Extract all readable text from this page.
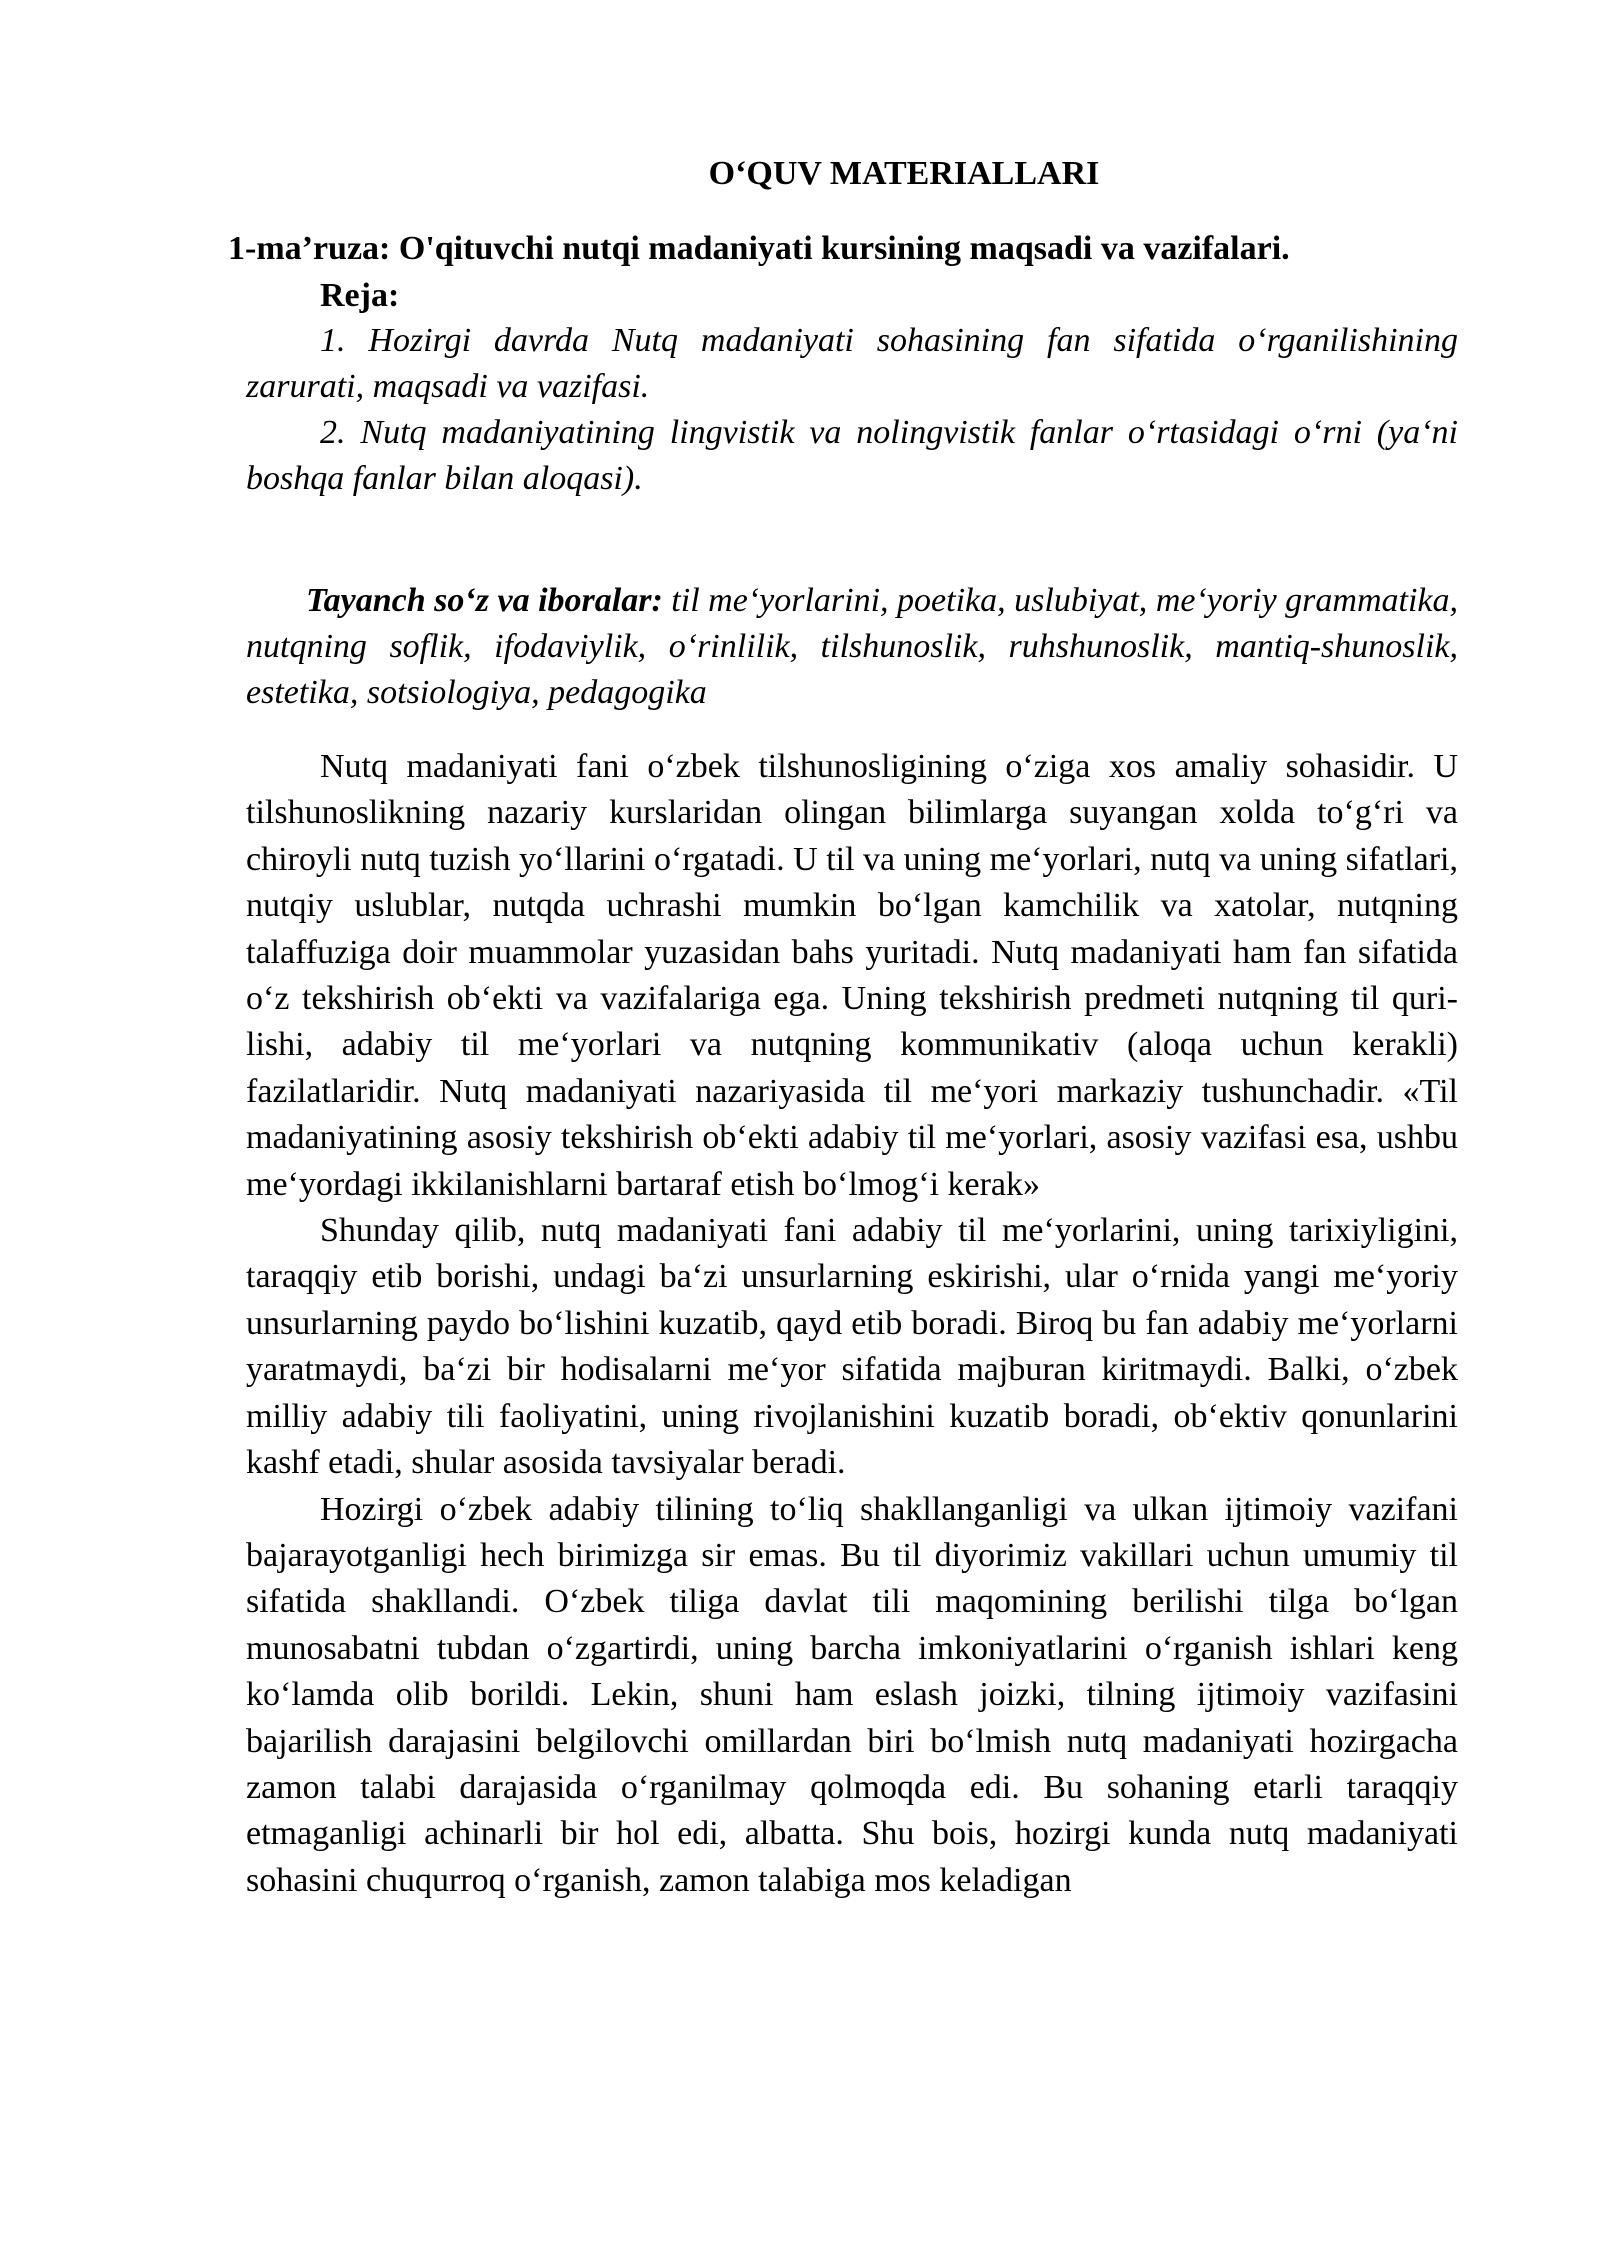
O‘QUV MATERIALLARI
1-ma’ruza: O'qituvchi nutqi madaniyati kursining maqsadi va vazifalari.
Reja:

1. Hozirgi davrda Nutq madaniyati sohasining fan sifatida o‘rganilishining zarurati, maqsadi va vazifasi.

2. Nutq madaniyatining lingvistik va nolingvistik fanlar o‘rtasidagi o‘rni (ya‘ni boshqa fanlar bilan aloqasi).

Tayanch so‘z va iboralar: til me‘yorlarini, poetika, uslubiyat, me‘yoriy grammatika, nutqning soflik, ifodaviylik, o‘rinlilik, tilshunoslik, ruhshunoslik, mantiq-shunoslik, estetika, sotsiologiya, pedagogika

Nutq madaniyati fani o‘zbek tilshunosligining o‘ziga xos amaliy sohasidir. U tilshunoslikning nazariy kurslaridan olingan bilimlarga suyangan xolda to‘g‘ri va chiroyli nutq tuzish yo‘llarini o‘rgatadi. U til va uning me‘yorlari, nutq va uning sifatlari, nutqiy uslublar, nutqda uchrashi mumkin bo‘lgan kamchilik va xatolar, nutqning talaffuziga doir muammolar yuzasidan bahs yuritadi. Nutq madaniyati ham fan sifatida o‘z tekshirish ob‘ekti va vazifalariga ega. Uning tekshirish predmeti nutqning til quri-lishi, adabiy til me‘yorlari va nutqning kommunikativ (aloqa uchun kerakli) fazilatlaridir. Nutq madaniyati nazariyasida til me‘yori markaziy tushunchadir. «Til madaniyatining asosiy tekshirish ob‘ekti adabiy til me‘yorlari, asosiy vazifasi esa, ushbu me‘yordagi ikkilanishlarni bartaraf etish bo‘lmog‘i kerak»

Shunday qilib, nutq madaniyati fani adabiy til me‘yorlarini, uning tarixiyligini, taraqqiy etib borishi, undagi ba‘zi unsurlarning eskirishi, ular o‘rnida yangi me‘yoriy unsurlarning paydo bo‘lishini kuzatib, qayd etib boradi. Biroq bu fan adabiy me‘yorlarni yaratmaydi, ba‘zi bir hodisalarni me‘yor sifatida majburan kiritmaydi. Balki, o‘zbek milliy adabiy tili faoliyatini, uning rivojlanishini kuzatib boradi, ob‘ektiv qonunlarini kashf etadi, shular asosida tavsiyalar beradi.

Hozirgi o‘zbek adabiy tilining to‘liq shakllanganligi va ulkan ijtimoiy vazifani bajarayotganligi hech birimizga sir emas. Bu til diyorimiz vakillari uchun umumiy til sifatida shakllandi. O‘zbek tiliga davlat tili maqomining berilishi tilga bo‘lgan munosabatni tubdan o‘zgartirdi, uning barcha imkoniyatlarini o‘rganish ishlari keng ko‘lamda olib borildi. Lekin, shuni ham eslash joizki, tilning ijtimoiy vazifasini bajarilish darajasini belgilovchi omillardan biri bo‘lmish nutq madaniyati hozirgacha zamon talabi darajasida o‘rganilmay qolmoqda edi. Bu sohaning etarli taraqqiy etmaganligi achinarli bir hol edi, albatta. Shu bois, hozirgi kunda nutq madaniyati sohasini chuqurroq o‘rganish, zamon talabiga mos keladigan
